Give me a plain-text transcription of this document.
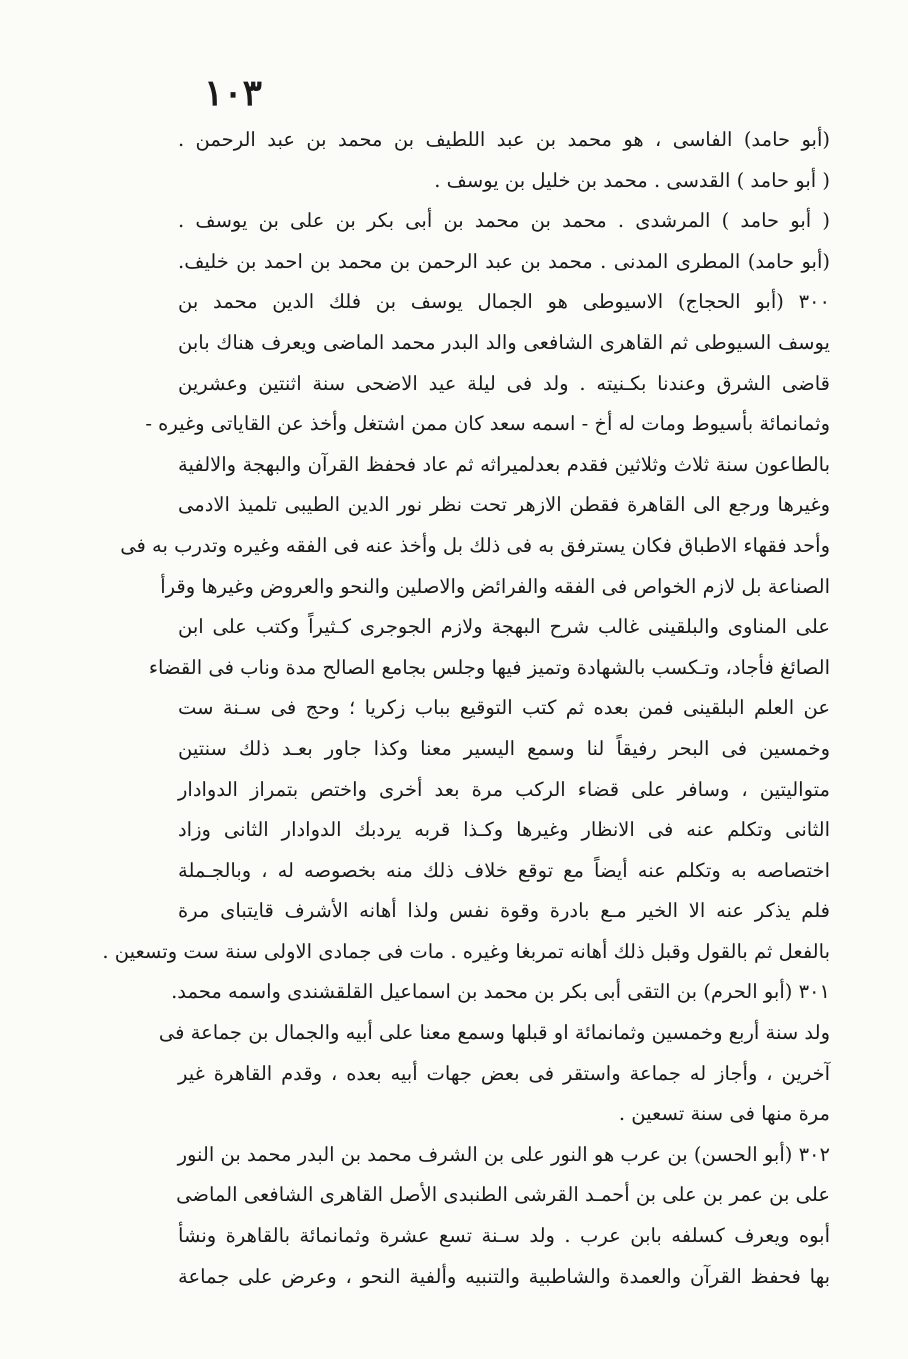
١٠٣
(أبو حامد) الفاسى ، هو محمد بن عبد اللطيف بن محمد بن عبد الرحمن .
( أبو حامد ) القدسى . محمد بن خليل بن يوسف .
( أبو حامد ) المرشدى . محمد بن محمد بن أبى بكر بن على بن يوسف .
(أبو حامد) المطرى المدنى . محمد بن عبد الرحمن بن محمد بن احمد بن خليف.
٣٠٠ (أبو الحجاج) الاسيوطى هو الجمال يوسف بن فلك الدين محمد بن
يوسف السيوطى ثم القاهرى الشافعى والد البدر محمد الماضى ويعرف هناك بابن
قاضى الشرق وعندنا بكـنيته . ولد فى ليلة عيد الاضحى سنة اثنتين وعشرين
وثمانمائة بأسيوط ومات له أخ - اسمه سعد كان ممن اشتغل وأخذ عن القاياتى وغيره -
بالطاعون سنة ثلاث وثلاثين فقدم بعدلميراثه ثم عاد فحفظ القرآن والبهجة والالفية
وغيرها ورجع الى القاهرة فقطن الازهر تحت نظر نور الدين الطيبى تلميذ الادمى
وأحد فقهاء الاطباق فكان يسترفق به فى ذلك بل وأخذ عنه فى الفقه وغيره وتدرب به فى
الصناعة بل لازم الخواص فى الفقه والفرائض والاصلين والنحو والعروض وغيرها وقرأ
على المناوى والبلقينى غالب شرح البهجة ولازم الجوجرى كـثيراً وكتب على ابن
الصائغ فأجاد، وتـكسب بالشهادة وتميز فيها وجلس بجامع الصالح مدة وناب فى القضاء
عن العلم البلقينى فمن بعده ثم كتب التوقيع بباب زكريا ؛ وحج فى سـنة ست
وخمسين فى البحر رفيقاً لنا وسمع اليسير معنا وكذا جاور بعـد ذلك سنتين
متواليتين ، وسافر على قضاء الركب مرة بعد أخرى واختص بتمراز الدوادار
الثانى وتكلم عنه فى الانظار وغيرها وكـذا قربه يردبك الدوادار الثانى وزاد
اختصاصه به وتكلم عنه أيضاً مع توقع خلاف ذلك منه بخصوصه له ، وبالجـملة
فلم يذكر عنه الا الخير مـع بادرة وقوة نفس ولذا أهانه الأشرف قايتباى مرة
بالفعل ثم بالقول وقبل ذلك أهانه تمربغا وغيره . مات فى جمادى الاولى سنة ست وتسعين .
٣٠١ (أبو الحرم) بن التقى أبى بكر بن محمد بن اسماعيل القلقشندى واسمه محمد.
ولد سنة أربع وخمسين وثمانمائة او قبلها وسمع معنا على أبيه والجمال بن جماعة فى
آخرين ، وأجاز له جماعة واستقر فى بعض جهات أبيه بعده ، وقدم القاهرة غير
مرة منها فى سنة تسعين .
٣٠٢ (أبو الحسن) بن عرب هو النور على بن الشرف محمد بن البدر محمد بن النور
على بن عمر بن على بن أحمـد القرشى الطنبدى الأصل القاهرى الشافعى الماضى
أبوه ويعرف كسلفه بابن عرب . ولد سـنة تسع عشرة وثمانمائة بالقاهرة ونشأ
بها فحفظ القرآن والعمدة والشاطبية والتنبيه وألفية النحو ، وعرض على جماعة
